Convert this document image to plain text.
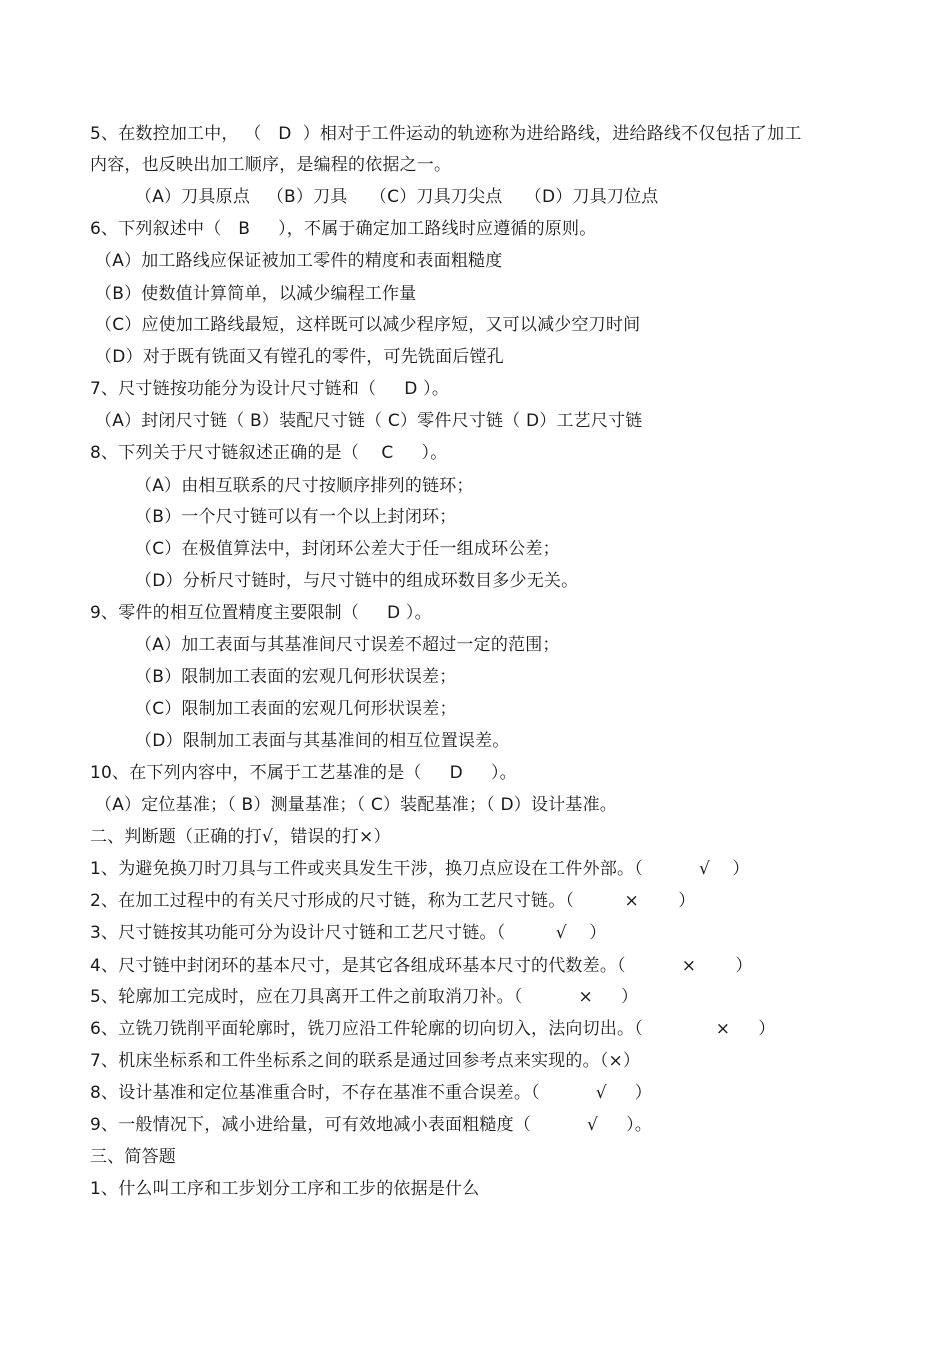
5、在数控加工中， （   D  ）相对于工件运动的轨迹称为进给路线，进给路线不仅包括了加工
内容，也反映出加工顺序，是编程的依据之一。
（A）刀具原点   （B）刀具    （C）刀具刀尖点    （D）刀具刀位点
6、下列叙述中（   B     ），不属于确定加工路线时应遵循的原则。
（A）加工路线应保证被加工零件的精度和表面粗糙度
（B）使数值计算简单，以减少编程工作量
（C）应使加工路线最短，这样既可以减少程序短，又可以减少空刀时间
（D）对于既有铣面又有镗孔的零件，可先铣面后镗孔
7、尺寸链按功能分为设计尺寸链和（     D ）。
（A）封闭尺寸链（ B）装配尺寸链（ C）零件尺寸链（ D）工艺尺寸链
8、下列关于尺寸链叙述正确的是（    C     ）。
（A）由相互联系的尺寸按顺序排列的链环；
（B）一个尺寸链可以有一个以上封闭环；
（C）在极值算法中，封闭环公差大于任一组成环公差；
（D）分析尺寸链时，与尺寸链中的组成环数目多少无关。
9、零件的相互位置精度主要限制（     D ）。
（A）加工表面与其基准间尺寸误差不超过一定的范围；
（B）限制加工表面的宏观几何形状误差；
（C）限制加工表面的宏观几何形状误差；
（D）限制加工表面与其基准间的相互位置误差。
10、在下列内容中，不属于工艺基准的是（     D     ）。
（A）定位基准；（ B）测量基准；（ C）装配基准；（ D）设计基准。
二、判断题（正确的打√，错误的打×）
1、为避免换刀时刀具与工件或夹具发生干涉，换刀点应设在工件外部。（          √    ）
2、在加工过程中的有关尺寸形成的尺寸链，称为工艺尺寸链。（         ×       ）
3、尺寸链按其功能可分为设计尺寸链和工艺尺寸链。（         √    ）
4、尺寸链中封闭环的基本尺寸，是其它各组成环基本尺寸的代数差。（          ×       ）
5、轮廓加工完成时，应在刀具离开工件之前取消刀补。（          ×     ）
6、立铣刀铣削平面轮廓时，铣刀应沿工件轮廓的切向切入，法向切出。（             ×     ）
7、机床坐标系和工件坐标系之间的联系是通过回参考点来实现的。（×）
8、设计基准和定位基准重合时，不存在基准不重合误差。（          √     ）
9、一般情况下，减小进给量，可有效地减小表面粗糙度（          √     ）。
三、简答题
1、什么叫工序和工步划分工序和工步的依据是什么
